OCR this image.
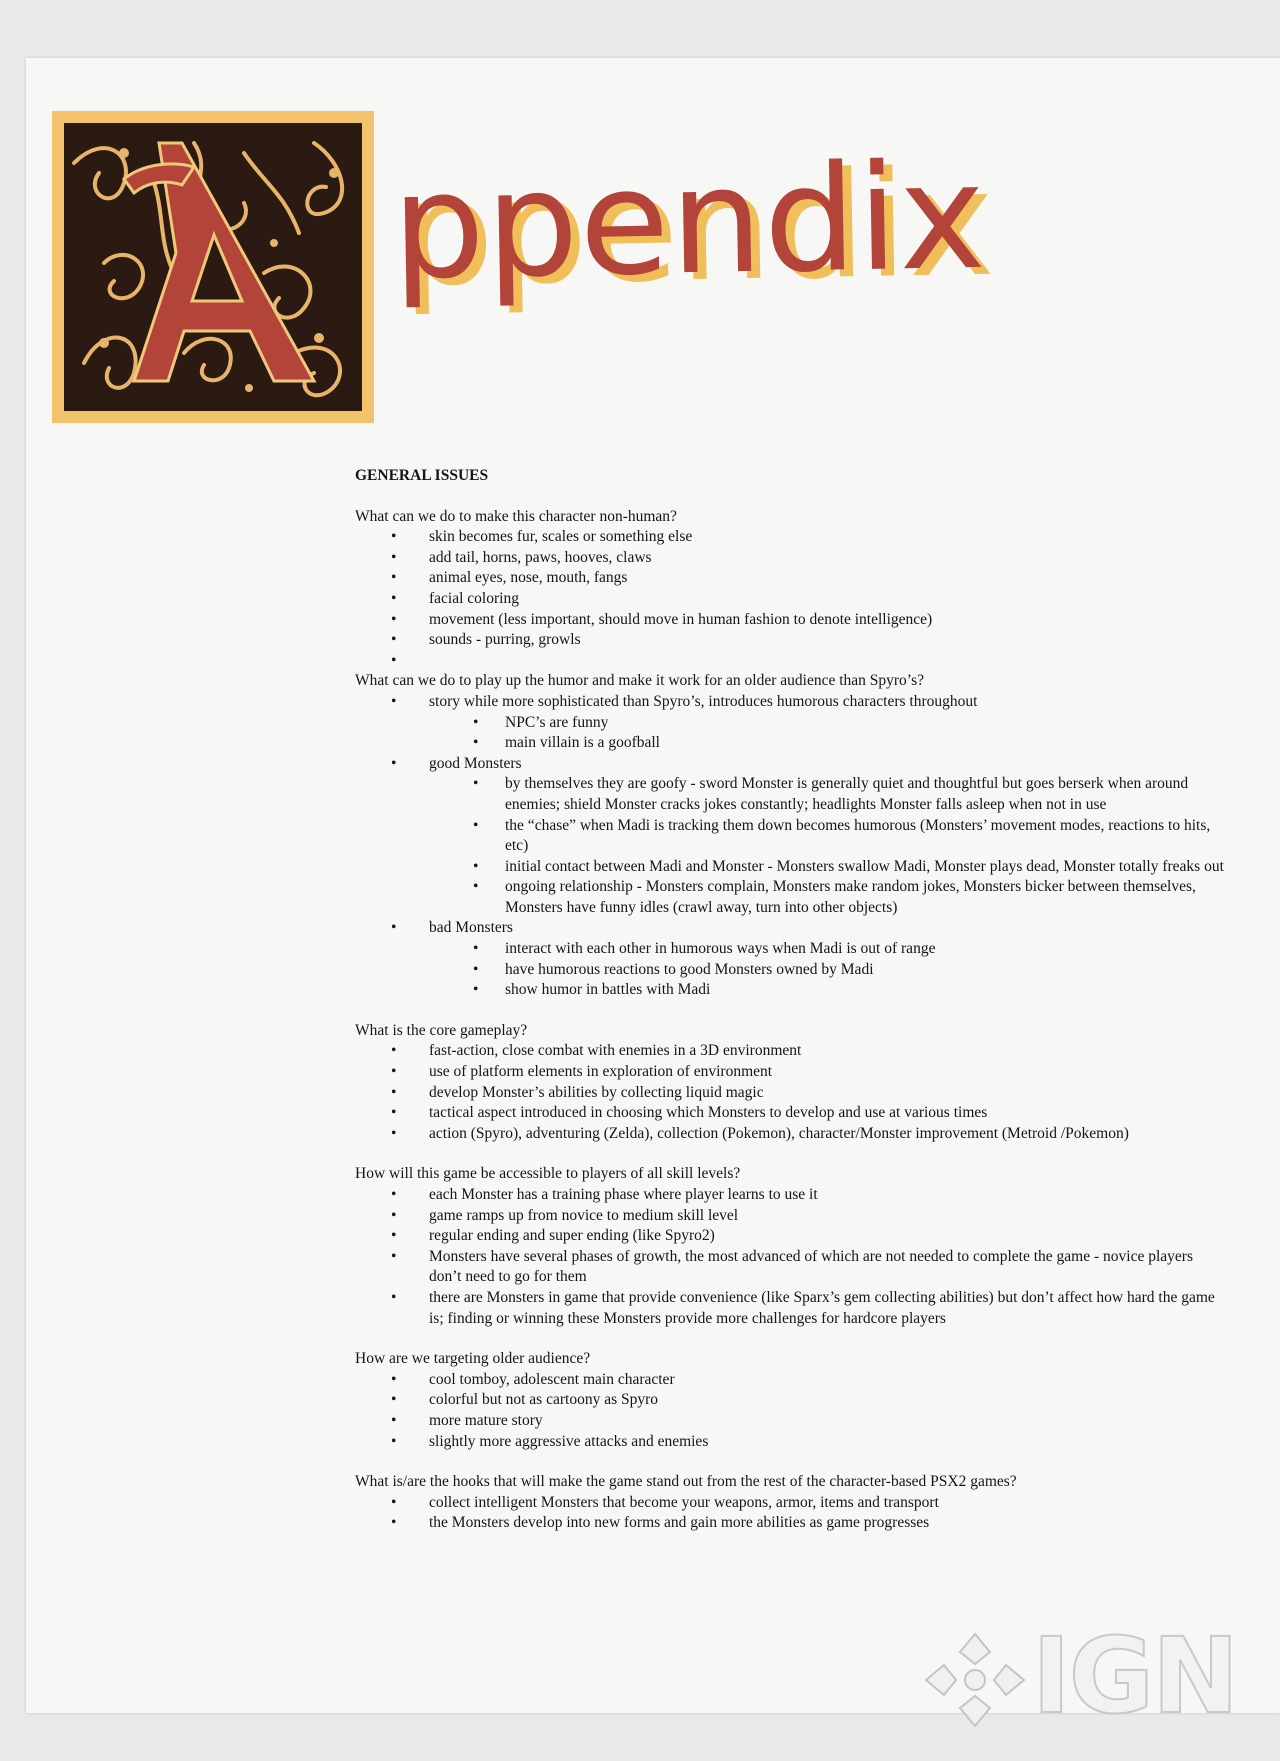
ppendix
GENERAL ISSUES

What can we do to make this character non-human?

• skin becomes fur, scales or something else
• add tail, horns, paws, hooves, claws
• animal eyes, nose, mouth, fangs
• facial coloring
• movement (less important, should move in human fashion to denote intelligence)
• sounds - purring, growls
•

What can we do to play up the humor and make it work for an older audience than Spyro’s?

• story while more sophisticated than Spyro’s, introduces humorous characters throughout
• NPC’s are funny
• main villain is a goofball
• good Monsters
• by themselves they are goofy - sword Monster is generally quiet and thoughtful but goes berserk when around enemies; shield Monster cracks jokes constantly; headlights Monster falls asleep when not in use
• the “chase” when Madi is tracking them down becomes humorous (Monsters’ movement modes, reactions to hits, etc)
• initial contact between Madi and Monster - Monsters swallow Madi, Monster plays dead, Monster totally freaks out
• ongoing relationship - Monsters complain, Monsters make random jokes, Monsters bicker between themselves, Monsters have funny idles (crawl away, turn into other objects)
• bad Monsters
• interact with each other in humorous ways when Madi is out of range
• have humorous reactions to good Monsters owned by Madi
• show humor in battles with Madi

What is the core gameplay?

• fast-action, close combat with enemies in a 3D environment
• use of platform elements in exploration of environment
• develop Monster’s abilities by collecting liquid magic
• tactical aspect introduced in choosing which Monsters to develop and use at various times
• action (Spyro), adventuring (Zelda), collection (Pokemon), character/Monster improvement (Metroid /Pokemon)

How will this game be accessible to players of all skill levels?

• each Monster has a training phase where player learns to use it
• game ramps up from novice to medium skill level
• regular ending and super ending (like Spyro2)
• Monsters have several phases of growth, the most advanced of which are not needed to complete the game - novice players don’t need to go for them
• there are Monsters in game that provide convenience (like Sparx’s gem collecting abilities) but don’t affect how hard the game is; finding or winning these Monsters provide more challenges for hardcore players

How are we targeting older audience?

• cool tomboy, adolescent main character
• colorful but not as cartoony as Spyro
• more mature story
• slightly more aggressive attacks and enemies

What is/are the hooks that will make the game stand out from the rest of the character-based PSX2 games?

• collect intelligent Monsters that become your weapons, armor, items and transport
• the Monsters develop into new forms and gain more abilities as game progresses
IGN
